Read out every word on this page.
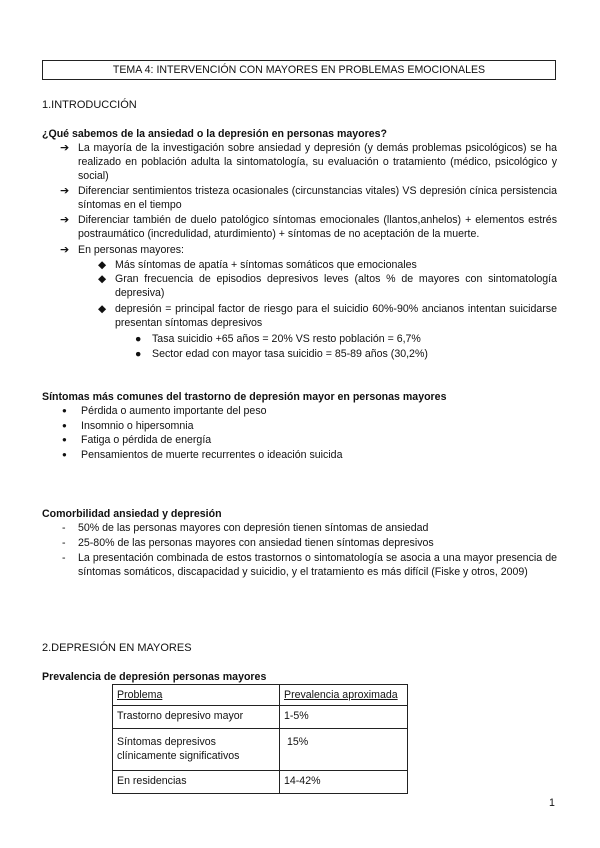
TEMA 4: INTERVENCIÓN CON MAYORES EN PROBLEMAS EMOCIONALES
1.INTRODUCCIÓN
¿Qué sabemos de la ansiedad o la depresión en personas mayores?
➔ La mayoría de la investigación sobre ansiedad y depresión (y demás problemas psicológicos) se ha realizado en población adulta la sintomatología, su evaluación o tratamiento (médico, psicológico y social)
➔ Diferenciar sentimientos tristeza ocasionales (circunstancias vitales) VS depresión cínica persistencia síntomas en el tiempo
➔ Diferenciar también de duelo patológico síntomas emocionales (llantos,anhelos) + elementos estrés postraumático (incredulidad, aturdimiento) + síntomas de no aceptación de la muerte.
➔ En personas mayores:
◆ Más síntomas de apatía + síntomas somáticos que emocionales
◆ Gran frecuencia de episodios depresivos leves (altos % de mayores con sintomatología depresiva)
◆ depresión = principal factor de riesgo para el suicidio 60%-90% ancianos intentan suicidarse presentan síntomas depresivos
● Tasa suicidio +65 años = 20% VS resto población = 6,7%
● Sector edad con mayor tasa suicidio = 85-89 años (30,2%)
Síntomas más comunes del trastorno de depresión mayor en personas mayores
●	Pérdida o aumento importante del peso
●	Insomnio o hipersomnia
●	Fatiga o pérdida de energía
●	Pensamientos de muerte recurrentes o ideación suicida
Comorbilidad ansiedad y depresión
-	50% de las personas mayores con depresión tienen síntomas de ansiedad
-	25-80% de las personas mayores con ansiedad tienen síntomas depresivos
-	La presentación combinada de estos trastornos o sintomatología se asocia a una mayor presencia de síntomas somáticos, discapacidad y suicidio, y el tratamiento es más difícil (Fiske y otros, 2009)
2.DEPRESIÓN EN MAYORES
Prevalencia de depresión personas mayores
Problema	Prevalencia aproximada
Trastorno depresivo mayor	1-5%
Síntomas depresivos clínicamente significativos	15%
En residencias	14-42%
1
